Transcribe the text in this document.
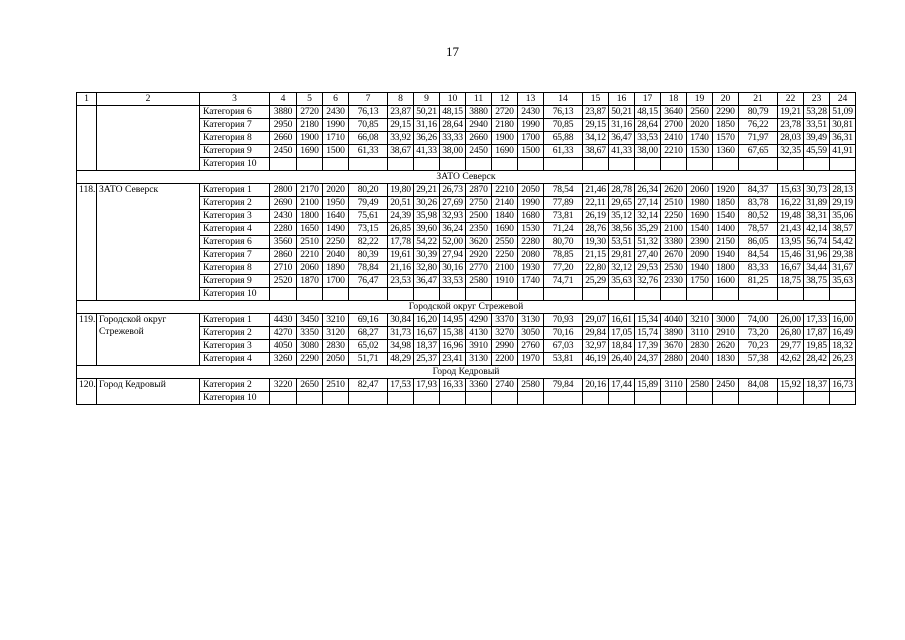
17
1	2	3	4	5	6	7	8	9	10	11	12	13	14	15	16	17	18	19	20	21	22	23	24
		Категория 6	3880	2720	2430	76,13	23,87	50,21	48,15	3880	2720	2430	76,13	23,87	50,21	48,15	3640	2560	2290	80,79	19,21	53,28	51,09
		Категория 7	2950	2180	1990	70,85	29,15	31,16	28,64	2940	2180	1990	70,85	29,15	31,16	28,64	2700	2020	1850	76,22	23,78	33,51	30,81
		Категория 8	2660	1900	1710	66,08	33,92	36,26	33,33	2660	1900	1700	65,88	34,12	36,47	33,53	2410	1740	1570	71,97	28,03	39,49	36,31
		Категория 9	2450	1690	1500	61,33	38,67	41,33	38,00	2450	1690	1500	61,33	38,67	41,33	38,00	2210	1530	1360	67,65	32,35	45,59	41,91
		Категория 10																					
ЗАТО Северск																							
118.	ЗАТО Северск	Категория 1	2800	2170	2020	80,20	19,80	29,21	26,73	2870	2210	2050	78,54	21,46	28,78	26,34	2620	2060	1920	84,37	15,63	30,73	28,13
		Категория 2	2690	2100	1950	79,49	20,51	30,26	27,69	2750	2140	1990	77,89	22,11	29,65	27,14	2510	1980	1850	83,78	16,22	31,89	29,19
		Категория 3	2430	1800	1640	75,61	24,39	35,98	32,93	2500	1840	1680	73,81	26,19	35,12	32,14	2250	1690	1540	80,52	19,48	38,31	35,06
		Категория 4	2280	1650	1490	73,15	26,85	39,60	36,24	2350	1690	1530	71,24	28,76	38,56	35,29	2100	1540	1400	78,57	21,43	42,14	38,57
		Категория 6	3560	2510	2250	82,22	17,78	54,22	52,00	3620	2550	2280	80,70	19,30	53,51	51,32	3380	2390	2150	86,05	13,95	56,74	54,42
		Категория 7	2860	2210	2040	80,39	19,61	30,39	27,94	2920	2250	2080	78,85	21,15	29,81	27,40	2670	2090	1940	84,54	15,46	31,96	29,38
		Категория 8	2710	2060	1890	78,84	21,16	32,80	30,16	2770	2100	1930	77,20	22,80	32,12	29,53	2530	1940	1800	83,33	16,67	34,44	31,67
		Категория 9	2520	1870	1700	76,47	23,53	36,47	33,53	2580	1910	1740	74,71	25,29	35,63	32,76	2330	1750	1600	81,25	18,75	38,75	35,63
		Категория 10																					
Городской округ Стрежевой																							
119.	Городской округ Стрежевой	Категория 1	4430	3450	3210	69,16	30,84	16,20	14,95	4290	3370	3130	70,93	29,07	16,61	15,34	4040	3210	3000	74,00	26,00	17,33	16,00
		Категория 2	4270	3350	3120	68,27	31,73	16,67	15,38	4130	3270	3050	70,16	29,84	17,05	15,74	3890	3110	2910	73,20	26,80	17,87	16,49
		Категория 3	4050	3080	2830	65,02	34,98	18,37	16,96	3910	2990	2760	67,03	32,97	18,84	17,39	3670	2830	2620	70,23	29,77	19,85	18,32
		Категория 4	3260	2290	2050	51,71	48,29	25,37	23,41	3130	2200	1970	53,81	46,19	26,40	24,37	2880	2040	1830	57,38	42,62	28,42	26,23
Город Кедровый																							
120.	Город Кедровый	Категория 2	3220	2650	2510	82,47	17,53	17,93	16,33	3360	2740	2580	79,84	20,16	17,44	15,89	3110	2580	2450	84,08	15,92	18,37	16,73
		Категория 10																					
